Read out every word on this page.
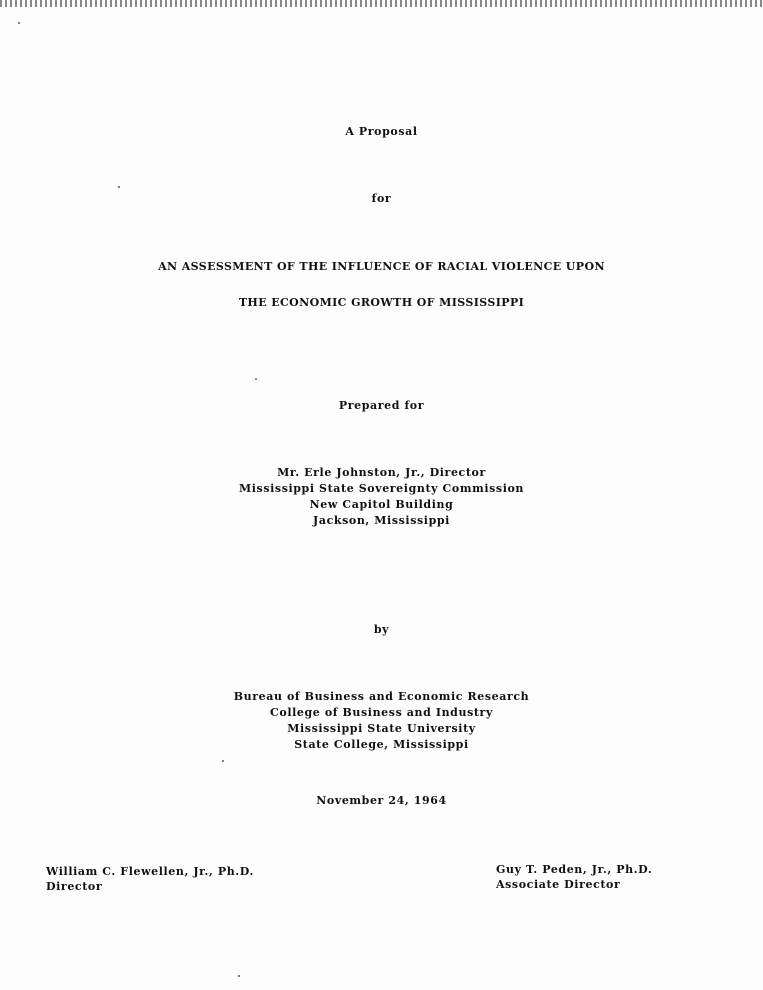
A Proposal
for
AN ASSESSMENT OF THE INFLUENCE OF RACIAL VIOLENCE UPON
THE ECONOMIC GROWTH OF MISSISSIPPI
Prepared for
Mr. Erle Johnston, Jr., Director
Mississippi State Sovereignty Commission
New Capitol Building
Jackson, Mississippi
by
Bureau of Business and Economic Research
College of Business and Industry
Mississippi State University
State College, Mississippi
November 24, 1964
William C. Flewellen, Jr., Ph.D.
Director
Guy T. Peden, Jr., Ph.D.
Associate Director
